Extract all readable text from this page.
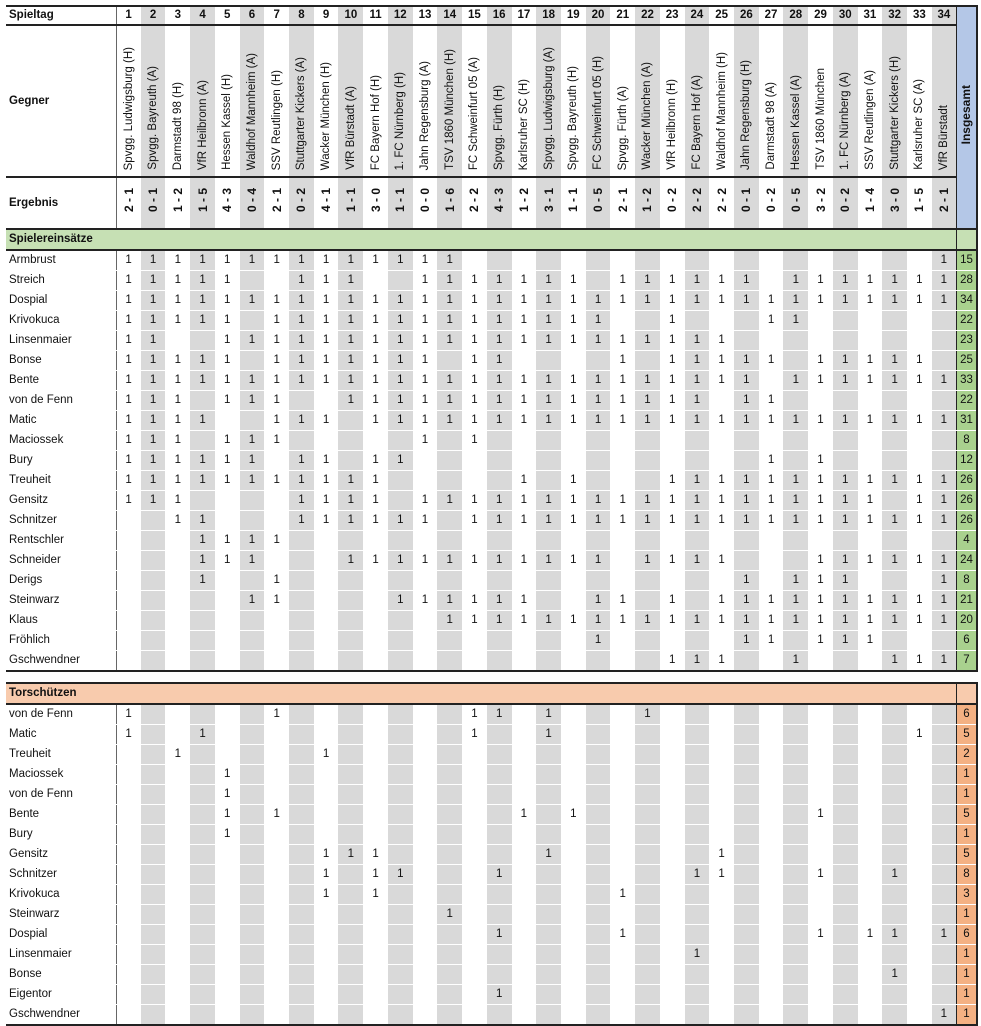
Spieltag	1	2	3	4	5	6	7	8	9	10	11	12	13	14	15	16	17	18	19	20	21	22	23	24	25	26	27	28	29	30	31	32	33	34	Insgesamt
Gegner	Spvgg. Ludwigsburg (H)	Spvgg. Bayreuth (A)	Darmstadt 98 (H)	VfR Heilbronn (A)	Hessen Kassel (H)	Waldhof Mannheim (A)	SSV Reutlingen (H)	Stuttgarter Kickers (A)	Wacker München (H)	VfR Bürstadt (A)	FC Bayern Hof (H)	1. FC Nürnberg (H)	Jahn Regensburg (A)	TSV 1860 München (H)	FC Schweinfurt 05 (A)	Spvgg. Fürth (H)	Karlsruher SC (H)	Spvgg. Ludwigsburg (A)	Spvgg. Bayreuth (H)	FC Schweinfurt 05 (H)	Spvgg. Fürth (A)	Wacker München (A)	VfR Heilbronn (H)	FC Bayern Hof (A)	Waldhof Mannheim (H)	Jahn Regensburg (H)	Darmstadt 98 (A)	Hessen Kassel (A)	TSV 1860 München	1. FC Nürnberg (A)	SSV Reutlingen (A)	Stuttgarter Kickers (H)	Karlsruher SC (A)	VfR Bürstadt	
Ergebnis	2 - 1	0 - 1	1 - 2	1 - 5	4 - 3	0 - 4	2 - 1	0 - 2	4 - 1	1 - 1	3 - 0	1 - 1	0 - 0	1 - 6	2 - 2	4 - 3	1 - 2	3 - 1	1 - 1	0 - 5	2 - 1	1 - 2	0 - 2	2 - 2	2 - 2	0 - 1	0 - 2	0 - 5	3 - 2	0 - 2	1 - 4	3 - 0	1 - 5	2 - 1	
Spielereinsätze																																			
Armbrust	1	1	1	1	1	1	1	1	1	1	1	1	1	1																				1	15
Streich	1	1	1	1	1			1	1	1			1	1	1	1	1	1	1		1	1	1	1	1	1		1	1	1	1	1	1	1	28
Dospial	1	1	1	1	1	1	1	1	1	1	1	1	1	1	1	1	1	1	1	1	1	1	1	1	1	1	1	1	1	1	1	1	1	1	34
Krivokuca	1	1	1	1	1		1	1	1	1	1	1	1	1	1	1	1	1	1	1			1				1	1							22
Linsenmaier	1	1			1	1	1	1	1	1	1	1	1	1	1	1	1	1	1	1	1	1	1	1	1										23
Bonse	1	1	1	1	1		1	1	1	1	1	1	1		1	1					1		1	1	1	1	1		1	1	1	1	1		25
Bente	1	1	1	1	1	1	1	1	1	1	1	1	1	1	1	1	1	1	1	1	1	1	1	1	1	1		1	1	1	1	1	1	1	33
von de Fenn	1	1	1		1	1	1			1	1	1	1	1	1	1	1	1	1	1	1	1	1	1		1	1								22
Matic	1	1	1	1			1	1	1		1	1	1	1	1	1	1	1	1	1	1	1	1	1	1	1	1	1	1	1	1	1	1	1	31
Maciossek	1	1	1		1	1	1						1		1																				8
Bury	1	1	1	1	1	1		1	1		1	1															1		1						12
Treuheit	1	1	1	1	1	1	1	1	1	1	1						1		1				1	1	1	1	1	1	1	1	1	1	1	1	26
Gensitz	1	1	1					1	1	1	1		1	1	1	1	1	1	1	1	1	1	1	1	1	1	1	1	1	1	1		1	1	26
Schnitzer			1	1				1	1	1	1	1	1		1	1	1	1	1	1	1	1	1	1	1	1	1	1	1	1	1	1	1	1	26
Rentschler				1	1	1	1																												4
Schneider				1	1	1				1	1	1	1	1	1	1	1	1	1	1		1	1	1	1				1	1	1	1	1	1	24
Derigs				1			1																			1		1	1	1				1	8
Steinwarz						1	1					1	1	1	1	1	1			1	1		1		1	1	1	1	1	1	1	1	1	1	21
Klaus														1	1	1	1	1	1	1	1	1	1	1	1	1	1	1	1	1	1	1	1	1	20
Fröhlich																				1						1	1		1	1	1				6
Gschwendner																							1	1	1			1				1	1	1	7

Torschützen																																			
von de Fenn	1						1								1	1		1				1													6
Matic	1			1											1			1															1		5
Treuheit			1						1																										2
Maciossek					1																														1
von de Fenn					1																														1
Bente					1		1										1		1										1						5
Bury					1																														1
Gensitz									1	1	1							1							1										5
Schnitzer									1		1	1				1								1	1				1			1			8
Krivokuca									1		1										1														3
Steinwarz														1																					1
Dospial																1					1								1		1	1		1	6
Linsenmaier																								1											1
Bonse																																1			1
Eigentor																1																			1
Gschwendner																																		1	1
